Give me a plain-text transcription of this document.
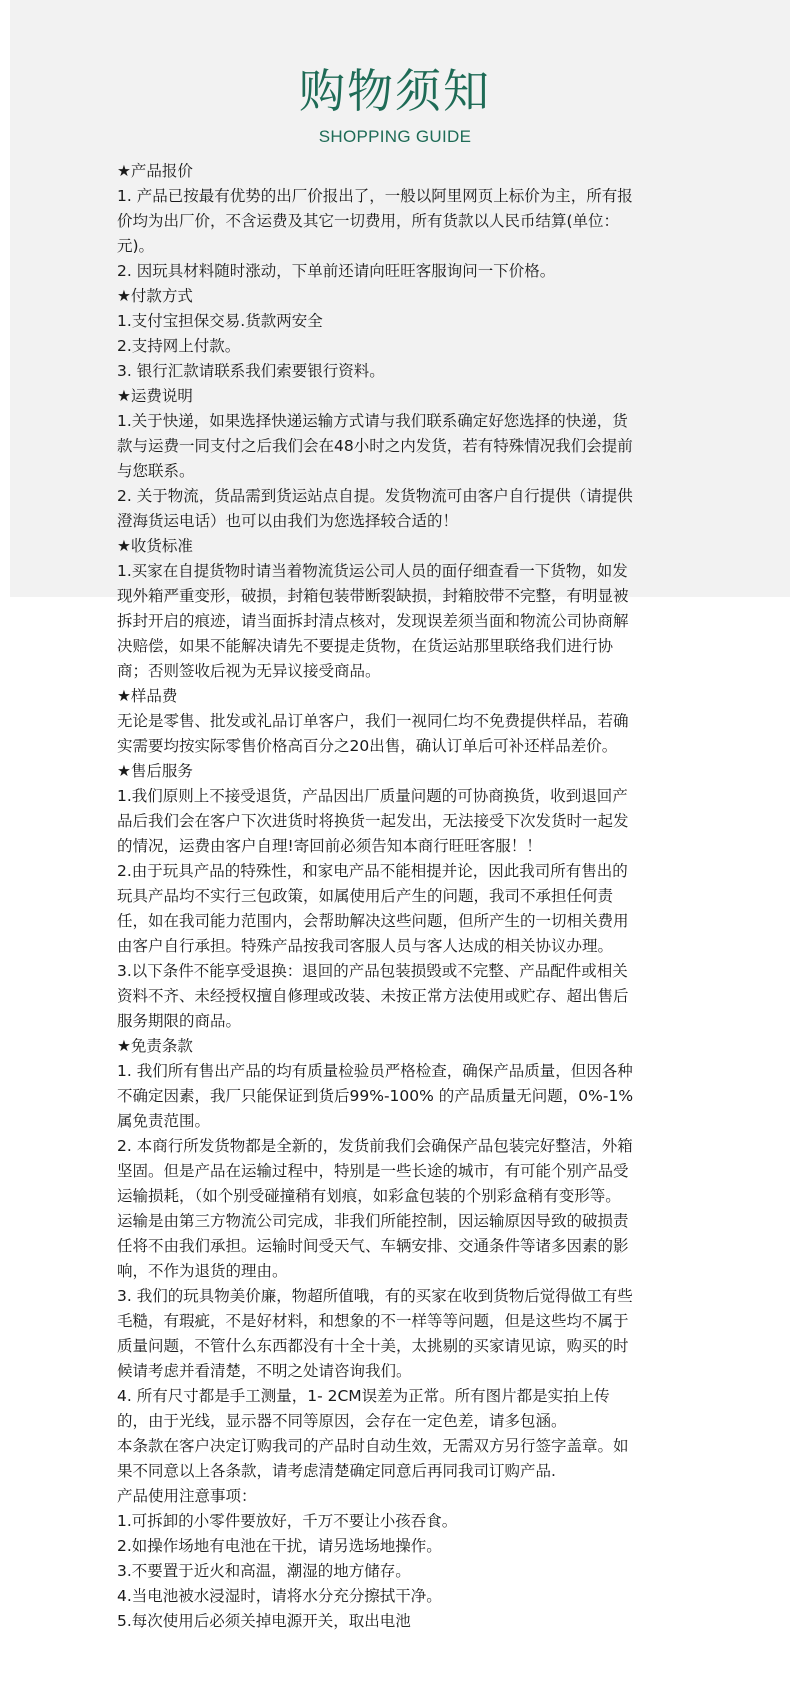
购物须知
SHOPPING GUIDE
★产品报价
1. 产品已按最有优势的出厂价报出了，一般以阿里网页上标价为主，所有报
价均为出厂价，不含运费及其它一切费用，所有货款以人民币结算(单位：
元)。
2. 因玩具材料随时涨动，下单前还请向旺旺客服询问一下价格。
★付款方式
1.支付宝担保交易.货款两安全
2.支持网上付款。
3. 银行汇款请联系我们索要银行资料。
★运费说明
1.关于快递，如果选择快递运输方式请与我们联系确定好您选择的快递，货
款与运费一同支付之后我们会在48小时之内发货，若有特殊情况我们会提前
与您联系。
2. 关于物流，货品需到货运站点自提。发货物流可由客户自行提供（请提供
澄海货运电话）也可以由我们为您选择较合适的！
★收货标准
1.买家在自提货物时请当着物流货运公司人员的面仔细查看一下货物，如发
现外箱严重变形，破损，封箱包装带断裂缺损，封箱胶带不完整，有明显被
拆封开启的痕迹，请当面拆封清点核对，发现误差须当面和物流公司协商解
决赔偿，如果不能解决请先不要提走货物，在货运站那里联络我们进行协
商；否则签收后视为无异议接受商品。
★样品费
无论是零售、批发或礼品订单客户，我们一视同仁均不免费提供样品，若确
实需要均按实际零售价格高百分之20出售，确认订单后可补还样品差价。
★售后服务
1.我们原则上不接受退货，产品因出厂质量问题的可协商换货，收到退回产
品后我们会在客户下次进货时将换货一起发出，无法接受下次发货时一起发
的情况，运费由客户自理!寄回前必须告知本商行旺旺客服！！
2.由于玩具产品的特殊性，和家电产品不能相提并论，因此我司所有售出的
玩具产品均不实行三包政策，如属使用后产生的问题，我司不承担任何责
任，如在我司能力范围内，会帮助解决这些问题，但所产生的一切相关费用
由客户自行承担。特殊产品按我司客服人员与客人达成的相关协议办理。
3.以下条件不能享受退换：退回的产品包装损毁或不完整、产品配件或相关
资料不齐、未经授权擅自修理或改装、未按正常方法使用或贮存、超出售后
服务期限的商品。
★免责条款
1. 我们所有售出产品的均有质量检验员严格检查，确保产品质量，但因各种
不确定因素，我厂只能保证到货后99%-100% 的产品质量无问题，0%-1%
属免责范围。
2. 本商行所发货物都是全新的，发货前我们会确保产品包装完好整洁，外箱
坚固。但是产品在运输过程中，特别是一些长途的城市，有可能个别产品受
运输损耗，（如个别受碰撞稍有划痕，如彩盒包装的个别彩盒稍有变形等。
运输是由第三方物流公司完成，非我们所能控制，因运输原因导致的破损责
任将不由我们承担。运输时间受天气、车辆安排、交通条件等诸多因素的影
响，不作为退货的理由。
3. 我们的玩具物美价廉，物超所值哦，有的买家在收到货物后觉得做工有些
毛糙，有瑕疵，不是好材料，和想象的不一样等等问题，但是这些均不属于
质量问题，不管什么东西都没有十全十美，太挑剔的买家请见谅，购买的时
候请考虑并看清楚，不明之处请咨询我们。
4. 所有尺寸都是手工测量，1- 2CM误差为正常。所有图片都是实拍上传
的，由于光线，显示器不同等原因，会存在一定色差，请多包涵。
本条款在客户决定订购我司的产品时自动生效，无需双方另行签字盖章。如
果不同意以上各条款，请考虑清楚确定同意后再同我司订购产品.
产品使用注意事项：
1.可拆卸的小零件要放好，千万不要让小孩吞食。
2.如操作场地有电池在干扰，请另选场地操作。
3.不要置于近火和高温，潮湿的地方储存。
4.当电池被水浸湿时，请将水分充分擦拭干净。
5.每次使用后必须关掉电源开关，取出电池
